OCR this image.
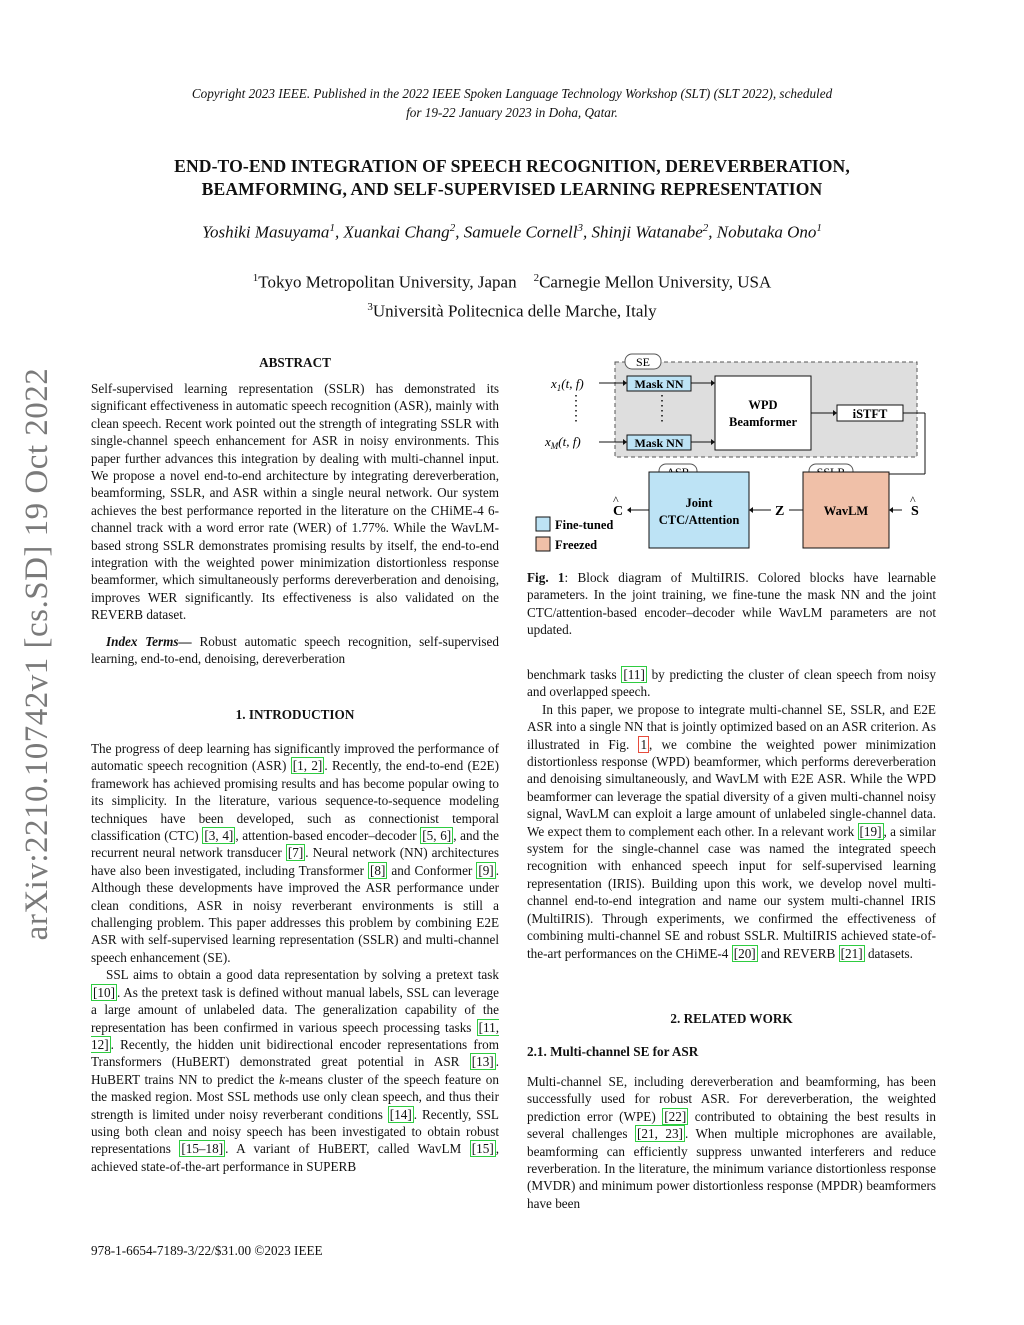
Copyright 2023 IEEE. Published in the 2022 IEEE Spoken Language Technology Workshop (SLT) (SLT 2022), scheduled
for 19-22 January 2023 in Doha, Qatar.
END-TO-END INTEGRATION OF SPEECH RECOGNITION, DEREVERBERATION,
BEAMFORMING, AND SELF-SUPERVISED LEARNING REPRESENTATION
Yoshiki Masuyama$^1$, Xuankai Chang$^2$, Samuele Cornell$^3$, Shinji Watanabe$^2$, Nobutaka Ono$^1$
$^1$Tokyo Metropolitan University, Japan $^2$Carnegie Mellon University, USA
$^3$Università Politecnica delle Marche, Italy
arXiv:2210.10742v1 [cs.SD] 19 Oct 2022
ABSTRACT

Self-supervised learning representation (SSLR) has demonstrated its significant effectiveness in automatic speech recognition (ASR), mainly with clean speech. Recent work pointed out the strength of integrating SSLR with single-channel speech enhancement for ASR in noisy environments. This paper further advances this integration by dealing with multi-channel input. We propose a novel end-to-end architecture by integrating dereverberation, beamforming, SSLR, and ASR within a single neural network. Our system achieves the best performance reported in the literature on the CHiME-4 6-channel track with a word error rate (WER) of 1.77%. While the WavLM-based strong SSLR demonstrates promising results by itself, the end-to-end integration with the weighted power minimization distortionless response beamformer, which simultaneously performs dereverberation and denoising, improves WER significantly. Its effectiveness is also validated on the REVERB dataset.

Index Terms— Robust automatic speech recognition, self-supervised learning, end-to-end, denoising, dereverberation

1. INTRODUCTION

The progress of deep learning has significantly improved the performance of automatic speech recognition (ASR) [1, 2] . Recently, the end-to-end (E2E) framework has achieved promising results and has become popular owing to its simplicity. In the literature, various sequence-to-sequence modeling techniques have been developed, such as connectionist temporal classification (CTC) [3, 4] , attention-based encoder–decoder [5, 6] , and the recurrent neural network transducer [7] . Neural network (NN) architectures have also been investigated, including Transformer [8] and Conformer [9] . Although these developments have improved the ASR performance under clean conditions, ASR in noisy reverberant environments is still a challenging problem. This paper addresses this problem by combining E2E ASR with self-supervised learning representation (SSLR) and multi-channel speech enhancement (SE).

SSL aims to obtain a good data representation by solving a pretext task [10] . As the pretext task is defined without manual labels, SSL can leverage a large amount of unlabeled data. The generalization capability of the representation has been confirmed in various speech processing tasks [11, 12] . Recently, the hidden unit bidirectional encoder representations from Transformers (HuBERT) demonstrated great potential in ASR [13] . HuBERT trains NN to predict the k-means cluster of the speech feature on the masked region. Most SSL methods use only clean speech, and thus their strength is limited under noisy reverberant conditions [14] . Recently, SSL using both clean and noisy speech has been investigated to obtain robust representations [15–18] . A variant of HuBERT, called WavLM [15] , achieved state-of-the-art performance in SUPERB

SE
$x_1(t$, f)
⋮
⋮
$x_M(t$, f)
Mask NN
⋮
⋮
Mask NN
WPD
Beamformer
iSTFT
S
^
Joint
CTC/Attention
WavLM
Z
C
^
Fine-tuned
Freezed
Fig. 1: Block diagram of MultiIRIS. Colored blocks have learnable parameters. In the joint training, we fine-tune the mask NN and the joint CTC/attention-based encoder–decoder while WavLM parameters are not updated.

benchmark tasks [11] by predicting the cluster of clean speech from noisy and overlapped speech.

In this paper, we propose to integrate multi-channel SE, SSLR, and E2E ASR into a single NN that is jointly optimized based on an ASR criterion. As illustrated in Fig. 1 , we combine the weighted power minimization distortionless response (WPD) beamformer, which performs dereverberation and denoising simultaneously, and WavLM with E2E ASR. While the WPD beamformer can leverage the spatial diversity of a given multi-channel noisy signal, WavLM can exploit a large amount of unlabeled single-channel data. We expect them to complement each other. In a relevant work [19] , a similar system for the single-channel case was named the integrated speech recognition with enhanced speech input for self-supervised learning representation (IRIS). Building upon this work, we develop novel multi-channel end-to-end integration and name our system multi-channel IRIS (MultiIRIS). Through experiments, we confirmed the effectiveness of combining multi-channel SE and robust SSLR. MultiIRIS achieved state-of-the-art performances on the CHiME-4 [20] and REVERB [21] datasets.

2. RELATED WORK
2.1. Multi-channel SE for ASR

Multi-channel SE, including dereverberation and beamforming, has been successfully used for robust ASR. For dereverberation, the weighted prediction error (WPE) [22] contributed to obtaining the best results in several challenges [21, 23] . When multiple microphones are available, beamforming can efficiently suppress unwanted interferers and reduce reverberation. In the literature, the minimum variance distortionless response (MVDR) and minimum power distortionless response (MPDR) beamformers have been

978-1-6654-7189-3/22/$31.00 ©2023 IEEE
